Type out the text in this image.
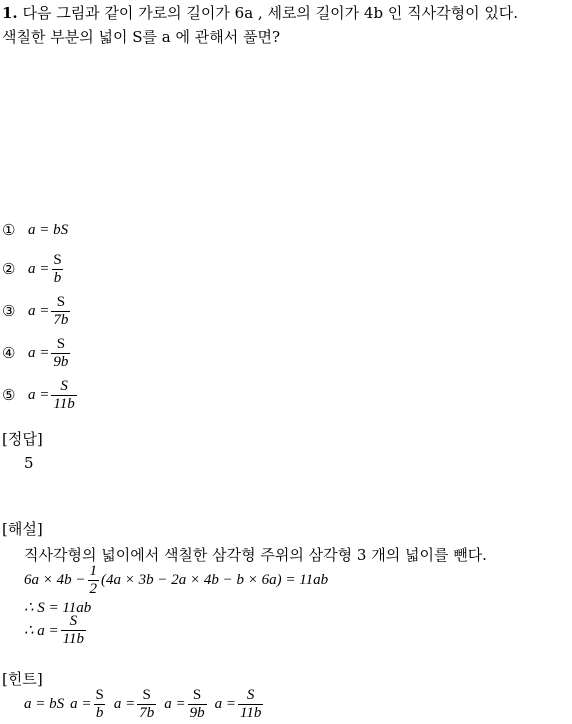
1. 다음 그림과 같이 가로의 길이가 6a , 세로의 길이가 4b 인 직사각형이 있다.
색칠한 부분의 넓이 S를 a 에 관해서 풀면?
① a = bS
② $a = \frac{S}{b}$
③ $a = \frac{S}{7b}$
④ $a = \frac{S}{9b}$
⑤ $a = \frac{S}{11b}$
[정답]
5
[해설]
직사각형의 넓이에서 색칠한 삼각형 주위의 삼각형 3 개의 넓이를 뺀다.
$6a \times 4b - \frac{1}{2} (4a \times 3b - 2a \times 4b - b \times 6a) = 11ab$
∴ S = 11ab
∴ $a = \frac{S}{11b}$
[힌트]
a = bS $a = \frac{S}{b}$ $a = \frac{S}{7b}$ $a = \frac{S}{9b}$ $a = \frac{S}{11b}$
